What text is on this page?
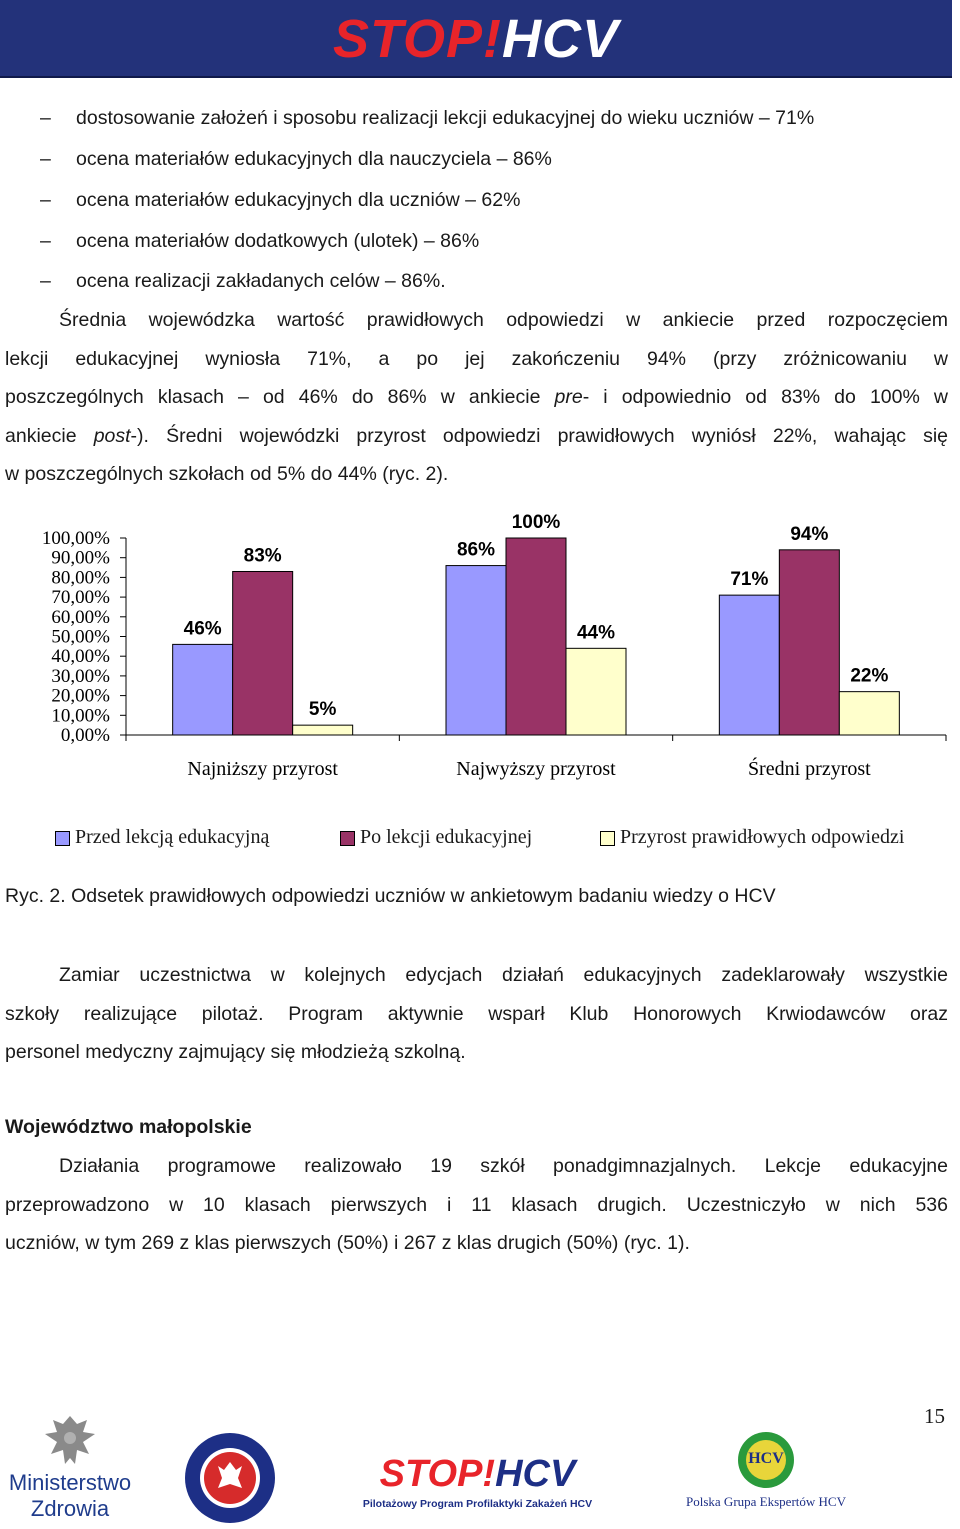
STOP!HCV
–	dostosowanie założeń i sposobu realizacji lekcji edukacyjnej do wieku uczniów – 71%
–	ocena materiałów edukacyjnych dla nauczyciela – 86%
–	ocena materiałów edukacyjnych dla uczniów – 62%
–	ocena materiałów dodatkowych (ulotek) – 86%
–	ocena realizacji zakładanych celów – 86%.
Średnia wojewódzka wartość prawidłowych odpowiedzi w ankiecie przed rozpoczęciem
lekcji edukacyjnej wyniosła 71%, a po jej zakończeniu 94% (przy zróżnicowaniu w
poszczególnych klasach – od 46% do 86% w ankiecie pre- i odpowiednio od 83% do 100% w
ankiecie post-). Średni wojewódzki przyrost odpowiedzi prawidłowych wyniósł 22%, wahając się
w poszczególnych szkołach od 5% do 44% (ryc. 2).
100,00%
90,00%
80,00%
70,00%
60,00%
50,00%
40,00%
30,00%
20,00%
10,00%
0,00%
46%
83%
5%
Najniższy przyrost
86%
100%
44%
Najwyższy przyrost
71%
94%
22%
Średni przyrost
Przed lekcją edukacyjną	Po lekcji edukacyjnej	Przyrost prawidłowych odpowiedzi
Ryc. 2. Odsetek prawidłowych odpowiedzi uczniów w ankietowym badaniu wiedzy o HCV
Zamiar uczestnictwa w kolejnych edycjach działań edukacyjnych zadeklarowały wszystkie
szkoły realizujące pilotaż. Program aktywnie wsparł Klub Honorowych Krwiodawców oraz
personel medyczny zajmujący się młodzieżą szkolną.
Województwo małopolskie
Działania programowe realizowało 19 szkół ponadgimnazjalnych. Lekcje edukacyjne
przeprowadzono w 10 klasach pierwszych i 11 klasach drugich. Uczestniczyło w nich 536
uczniów, w tym 269 z klas pierwszych (50%) i 267 z klas drugich (50%) (ryc. 1).
15
Ministerstwo
Zdrowia
STOP!HCV
Pilotażowy Program Profilaktyki Zakażeń HCV
HCV
Polska Grupa Ekspertów HCV
